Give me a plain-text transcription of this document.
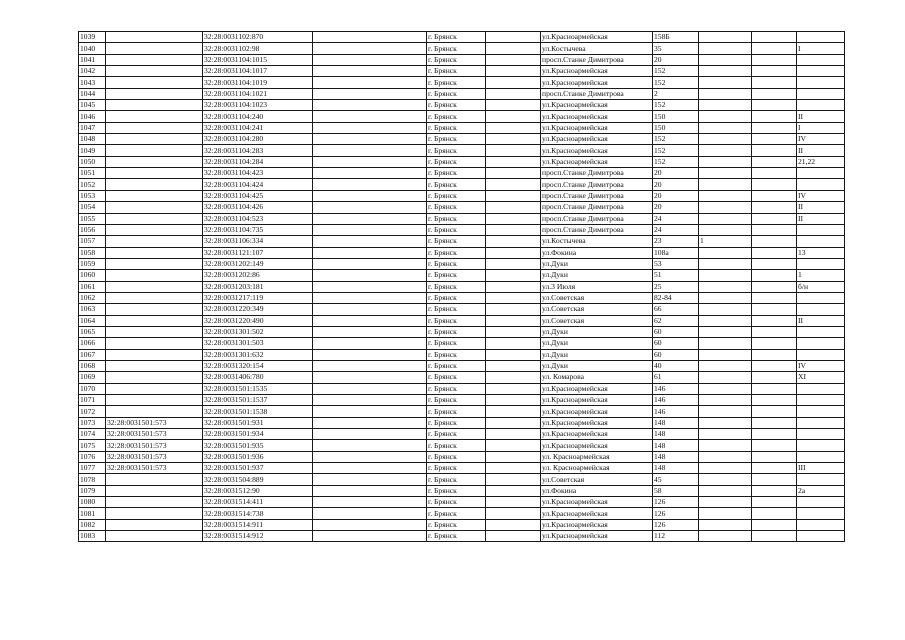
1039		32:28:0031102:870		г. Брянск		ул.Красноармейская	158Б			
1040		32:28:0031102:98		г. Брянск		ул.Костычева	35			I
1041		32:28:0031104:1015		г. Брянск		просп.Станке Димитрова	20			
1042		32:28:0031104:1017		г. Брянск		ул.Красноармейская	152			
1043		32:28:0031104:1019		г. Брянск		ул.Красноармейская	152			
1044		32:28:0031104:1021		г. Брянск		просп.Станке Димитрова	2			
1045		32:28:0031104:1023		г. Брянск		ул.Красноармейская	152			
1046		32:28:0031104:240		г. Брянск		ул.Красноармейская	150			II
1047		32:28:0031104:241		г. Брянск		ул.Красноармейская	150			I
1048		32:28:0031104:280		г. Брянск		ул.Красноармейская	152			IV
1049		32:28:0031104:283		г. Брянск		ул.Красноармейская	152			II
1050		32:28:0031104:284		г. Брянск		ул.Красноармейская	152			21,22
1051		32:28:0031104:423		г. Брянск		просп.Станке Димитрова	20			
1052		32:28:0031104:424		г. Брянск		просп.Станке Димитрова	20			
1053		32:28:0031104:425		г. Брянск		просп.Станке Димитрова	20			IV
1054		32:28:0031104:426		г. Брянск		просп.Станке Димитрова	20			II
1055		32:28:0031104:523		г. Брянск		просп.Станке Димитрова	24			II
1056		32:28:0031104:735		г. Брянск		просп.Станке Димитрова	24			
1057		32:28:0031106:334		г. Брянск		ул.Костычева	23	1		
1058		32:28:0031121:107		г. Брянск		ул.Фокина	108а			13
1059		32:28:0031202:149		г. Брянск		ул.Дуки	53			
1060		32:28:0031202:86		г. Брянск		ул.Дуки	51			1
1061		32:28:0031203:181		г. Брянск		ул.3 Июля	25			б/н
1062		32:28:0031217:119		г. Брянск		ул.Советская	82-84			
1063		32:28:0031220:349		г. Брянск		ул.Советская	66			
1064		32:28:0031220:490		г. Брянск		ул.Советская	62			II
1065		32:28:0031301:502		г. Брянск		ул.Дуки	60			
1066		32:28:0031301:503		г. Брянск		ул.Дуки	60			
1067		32:28:0031301:632		г. Брянск		ул.Дуки	60			
1068		32:28:0031320:154		г. Брянск		ул.Дуки	40			IV
1069		32:28:0031406:780		г. Брянск		ул. Комарова	61			XI
1070		32:28:0031501:1535		г. Брянск		ул.Красноармейская	146			
1071		32:28:0031501:1537		г. Брянск		ул.Красноармейская	146			
1072		32:28:0031501:1538		г. Брянск		ул.Красноармейская	146			
1073	32:28:0031501:573	32:28:0031501:931		г. Брянск		ул.Красноармейская	148			
1074	32:28:0031501:573	32:28:0031501:934		г. Брянск		ул.Красноармейская	148			
1075	32:28:0031501:573	32:28:0031501:935		г. Брянск		ул.Красноармейская	148			
1076	32:28:0031501:573	32:28:0031501:936		г. Брянск		ул. Красноармейская	148			
1077	32:28:0031501:573	32:28:0031501:937		г. Брянск		ул. Красноармейская	148			III
1078		32:28:0031504:889		г. Брянск		ул.Советская	45			
1079		32:28:0031512:90		г. Брянск		ул.Фокина	58			2а
1080		32:28:0031514:411		г. Брянск		ул.Красноармейская	126			
1081		32:28:0031514:738		г. Брянск		ул.Красноармейская	126			
1082		32:28:0031514:911		г. Брянск		ул.Красноармейская	126			
1083		32:28:0031514:912		г. Брянск		ул.Красноармейская	112			
